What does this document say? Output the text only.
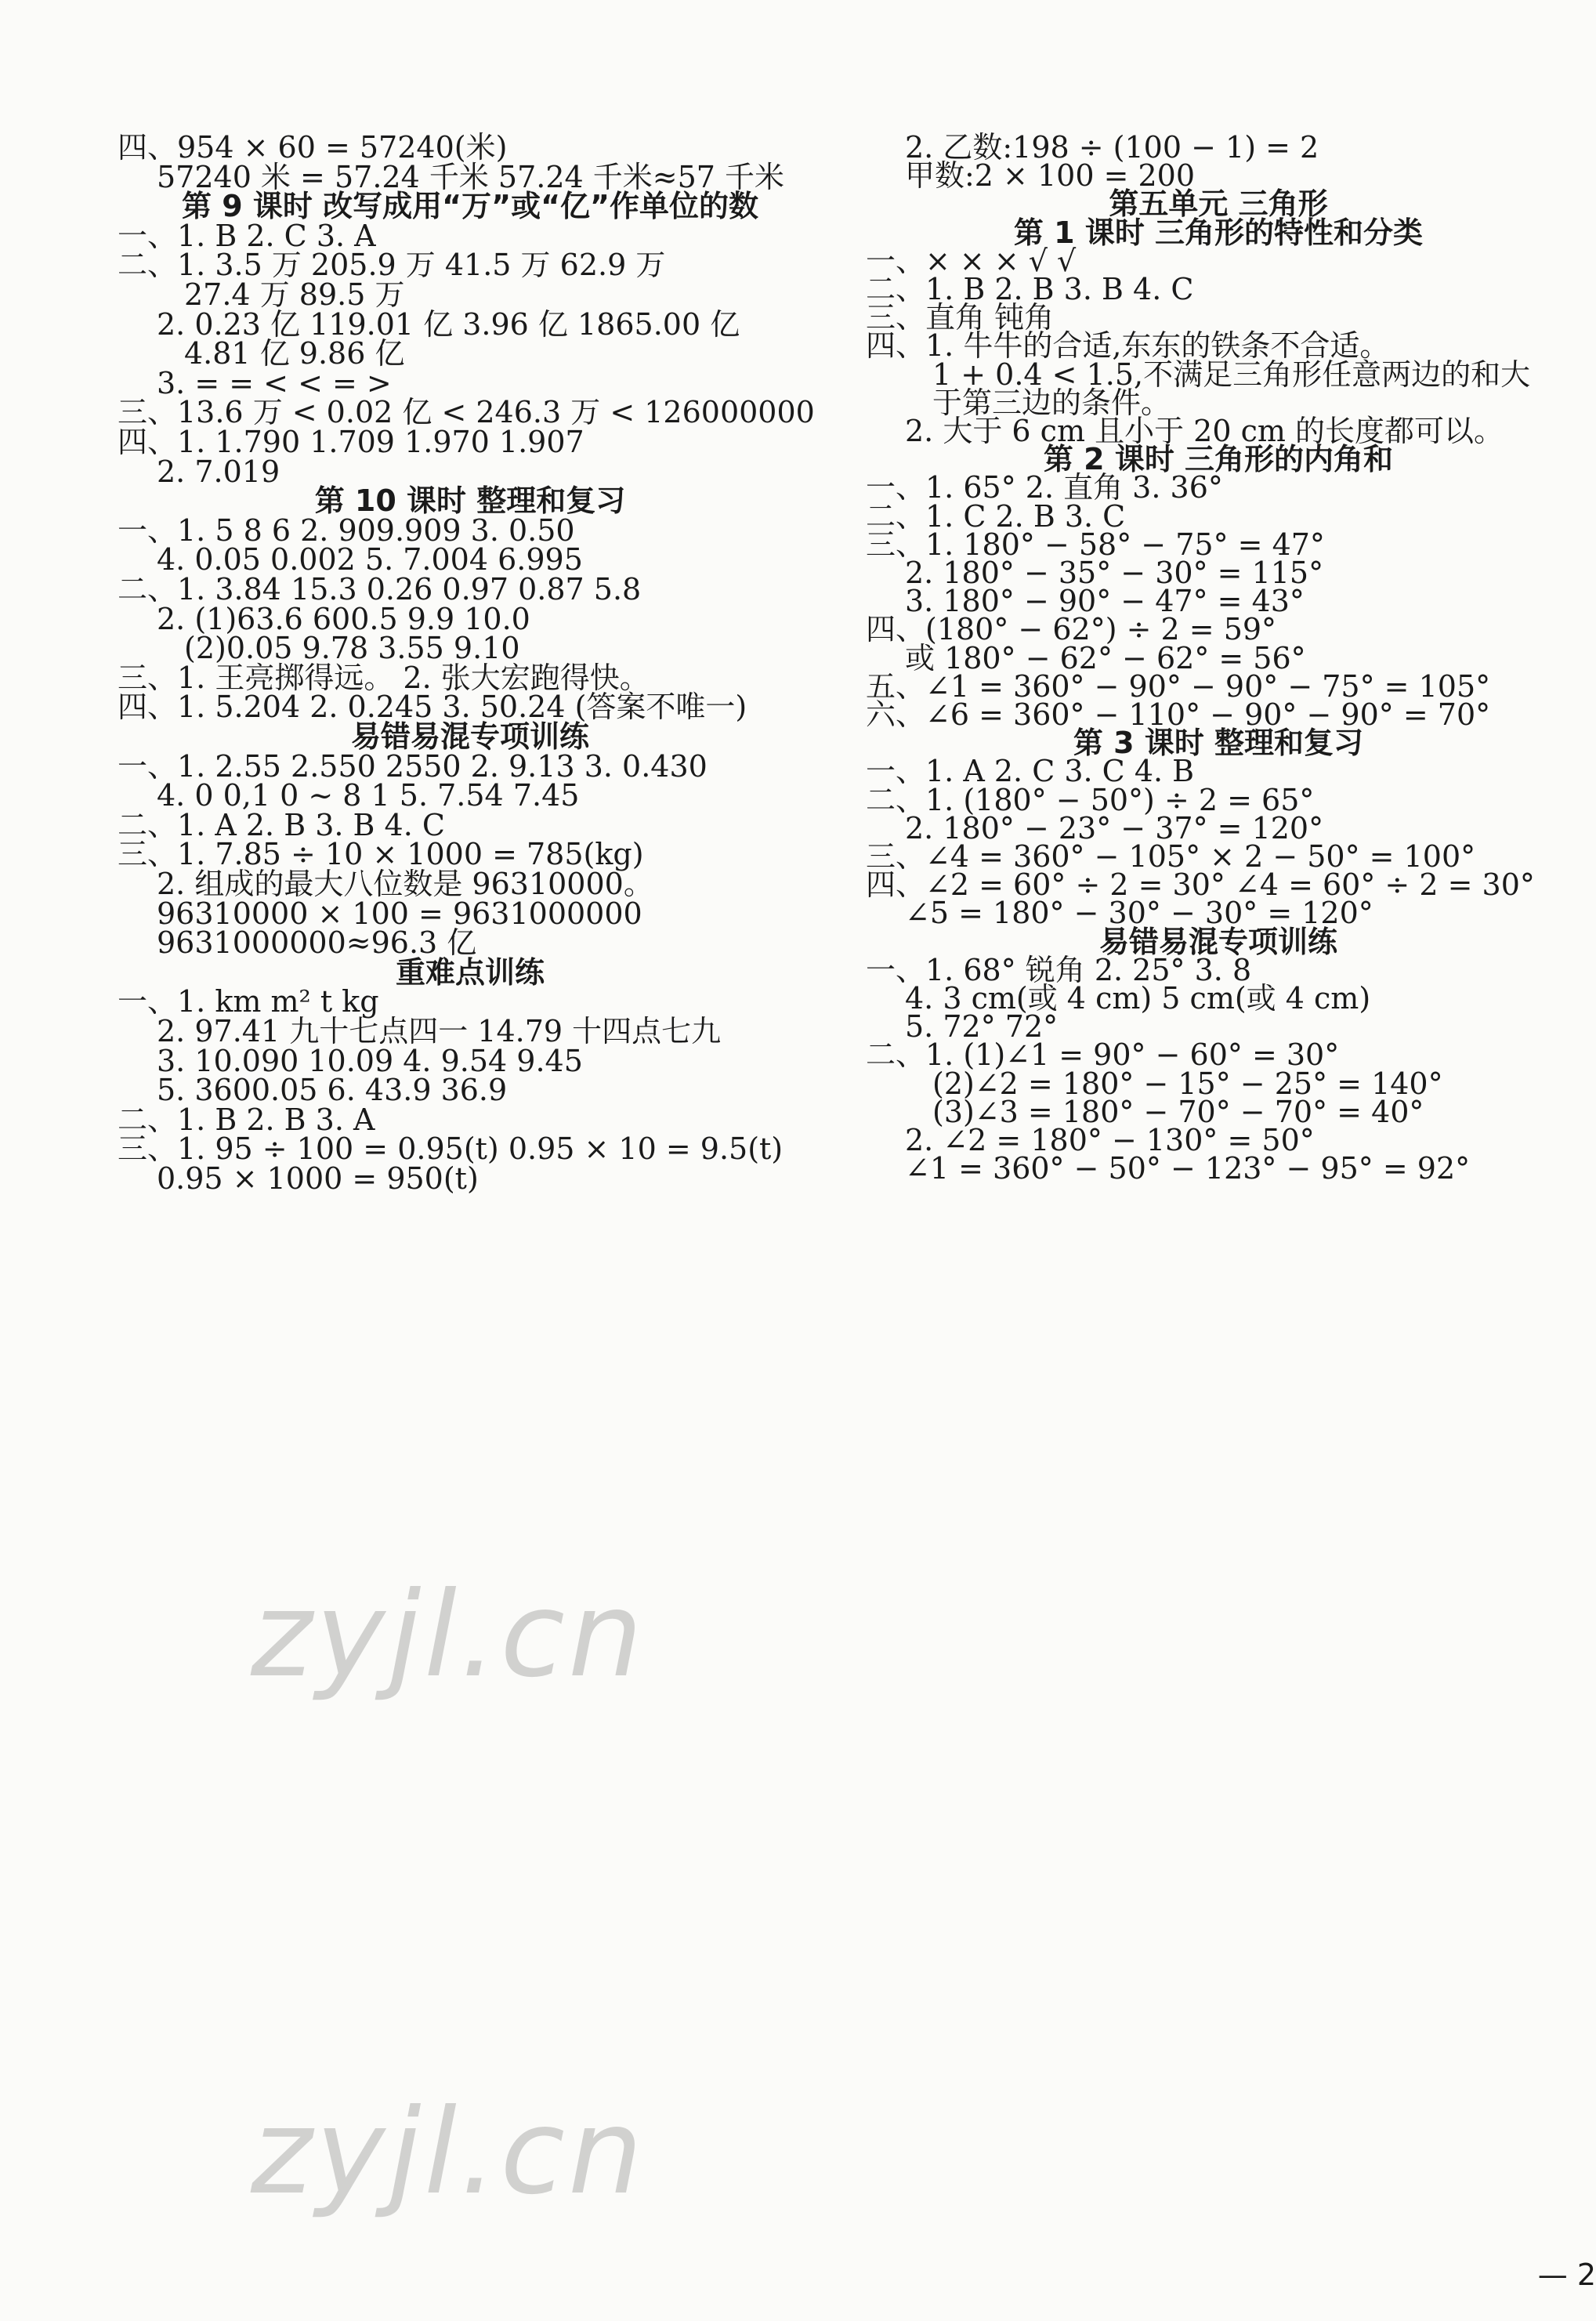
四、954 × 60 = 57240(米)
57240 米 = 57.24 千米 57.24 千米≈57 千米
第 9 课时 改写成用“万”或“亿”作单位的数
一、1. B 2. C 3. A
二、1. 3.5 万 205.9 万 41.5 万 62.9 万
27.4 万 89.5 万
2. 0.23 亿 119.01 亿 3.96 亿 1865.00 亿
4.81 亿 9.86 亿
3. = = < < = >
三、13.6 万 < 0.02 亿 < 246.3 万 < 126000000
四、1. 1.790 1.709 1.970 1.907
2. 7.019
第 10 课时 整理和复习
一、1. 5 8 6 2. 909.909 3. 0.50
4. 0.05 0.002 5. 7.004 6.995
二、1. 3.84 15.3 0.26 0.97 0.87 5.8
2. (1)63.6 600.5 9.9 10.0
(2)0.05 9.78 3.55 9.10
三、1. 王亮掷得远。 2. 张大宏跑得快。
四、1. 5.204 2. 0.245 3. 50.24 (答案不唯一)
易错易混专项训练
一、1. 2.55 2.550 2550 2. 9.13 3. 0.430
4. 0 0,1 0 ~ 8 1 5. 7.54 7.45
二、1. A 2. B 3. B 4. C
三、1. 7.85 ÷ 10 × 1000 = 785(kg)
2. 组成的最大八位数是 96310000。
96310000 × 100 = 9631000000
9631000000≈96.3 亿
重难点训练
一、1. km m² t kg
2. 97.41 九十七点四一 14.79 十四点七九
3. 10.090 10.09 4. 9.54 9.45
5. 3600.05 6. 43.9 36.9
二、1. B 2. B 3. A
三、1. 95 ÷ 100 = 0.95(t) 0.95 × 10 = 9.5(t)
0.95 × 1000 = 950(t)
2. 乙数:198 ÷ (100 − 1) = 2
甲数:2 × 100 = 200
第五单元 三角形
第 1 课时 三角形的特性和分类
一、× × × √ √
二、1. B 2. B 3. B 4. C
三、直角 钝角
四、1. 牛牛的合适,东东的铁条不合适。
1 + 0.4 < 1.5,不满足三角形任意两边的和大
于第三边的条件。
2. 大于 6 cm 且小于 20 cm 的长度都可以。
第 2 课时 三角形的内角和
一、1. 65° 2. 直角 3. 36°
二、1. C 2. B 3. C
三、1. 180° − 58° − 75° = 47°
2. 180° − 35° − 30° = 115°
3. 180° − 90° − 47° = 43°
四、(180° − 62°) ÷ 2 = 59°
或 180° − 62° − 62° = 56°
五、∠1 = 360° − 90° − 90° − 75° = 105°
六、∠6 = 360° − 110° − 90° − 90° = 70°
第 3 课时 整理和复习
一、1. A 2. C 3. C 4. B
二、1. (180° − 50°) ÷ 2 = 65°
2. 180° − 23° − 37° = 120°
三、∠4 = 360° − 105° × 2 − 50° = 100°
四、∠2 = 60° ÷ 2 = 30° ∠4 = 60° ÷ 2 = 30°
∠5 = 180° − 30° − 30° = 120°
易错易混专项训练
一、1. 68° 锐角 2. 25° 3. 8
4. 3 cm(或 4 cm) 5 cm(或 4 cm)
5. 72° 72°
二、1. (1)∠1 = 90° − 60° = 30°
(2)∠2 = 180° − 15° − 25° = 140°
(3)∠3 = 180° − 70° − 70° = 40°
2. ∠2 = 180° − 130° = 50°
∠1 = 360° − 50° − 123° − 95° = 92°
— 2
zyjl.cn
zyjl.cn
